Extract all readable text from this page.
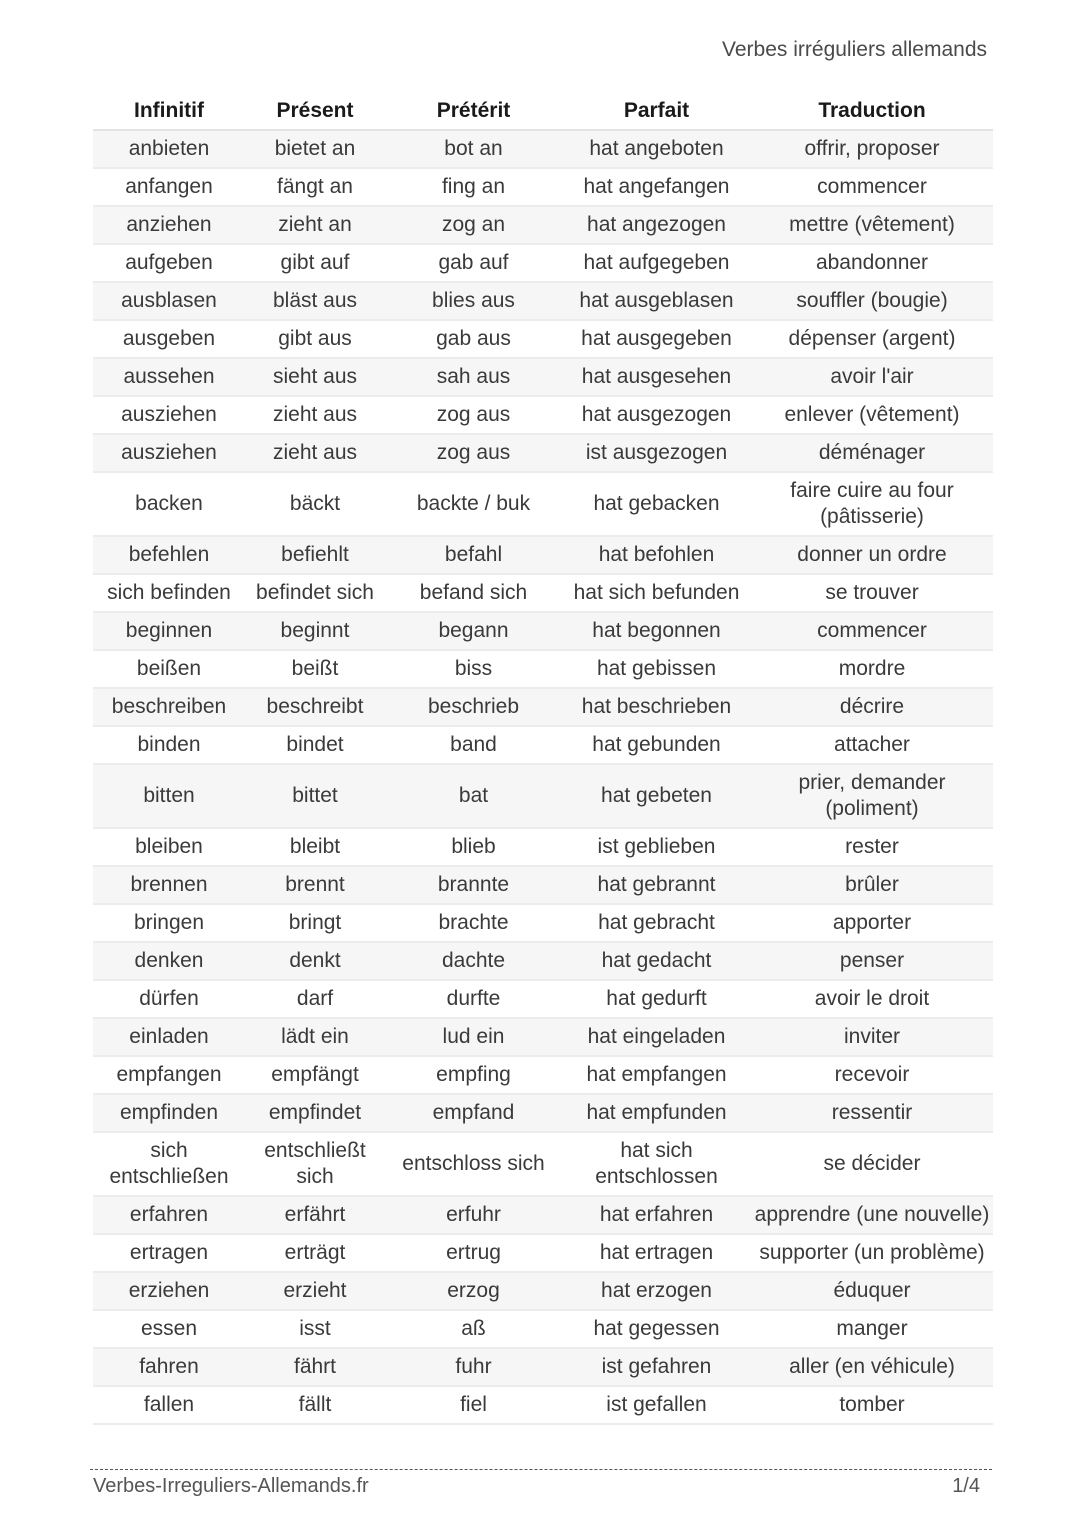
Verbes irréguliers allemands
Infinitif	Présent	Prétérit	Parfait	Traduction
anbieten	bietet an	bot an	hat angeboten	offrir, proposer
anfangen	fängt an	fing an	hat angefangen	commencer
anziehen	zieht an	zog an	hat angezogen	mettre (vêtement)
aufgeben	gibt auf	gab auf	hat aufgegeben	abandonner
ausblasen	bläst aus	blies aus	hat ausgeblasen	souffler (bougie)
ausgeben	gibt aus	gab aus	hat ausgegeben	dépenser (argent)
aussehen	sieht aus	sah aus	hat ausgesehen	avoir l'air
ausziehen	zieht aus	zog aus	hat ausgezogen	enlever (vêtement)
ausziehen	zieht aus	zog aus	ist ausgezogen	déménager
backen	bäckt	backte / buk	hat gebacken	faire cuire au four (pâtisserie)
befehlen	befiehlt	befahl	hat befohlen	donner un ordre
sich befinden	befindet sich	befand sich	hat sich befunden	se trouver
beginnen	beginnt	begann	hat begonnen	commencer
beißen	beißt	biss	hat gebissen	mordre
beschreiben	beschreibt	beschrieb	hat beschrieben	décrire
binden	bindet	band	hat gebunden	attacher
bitten	bittet	bat	hat gebeten	prier, demander (poliment)
bleiben	bleibt	blieb	ist geblieben	rester
brennen	brennt	brannte	hat gebrannt	brûler
bringen	bringt	brachte	hat gebracht	apporter
denken	denkt	dachte	hat gedacht	penser
dürfen	darf	durfte	hat gedurft	avoir le droit
einladen	lädt ein	lud ein	hat eingeladen	inviter
empfangen	empfängt	empfing	hat empfangen	recevoir
empfinden	empfindet	empfand	hat empfunden	ressentir
sich entschließen	entschließt sich	entschloss sich	hat sich entschlossen	se décider
erfahren	erfährt	erfuhr	hat erfahren	apprendre (une nouvelle)
ertragen	erträgt	ertrug	hat ertragen	supporter (un problème)
erziehen	erzieht	erzog	hat erzogen	éduquer
essen	isst	aß	hat gegessen	manger
fahren	fährt	fuhr	ist gefahren	aller (en véhicule)
fallen	fällt	fiel	ist gefallen	tomber
Verbes-Irreguliers-Allemands.fr	1/4
